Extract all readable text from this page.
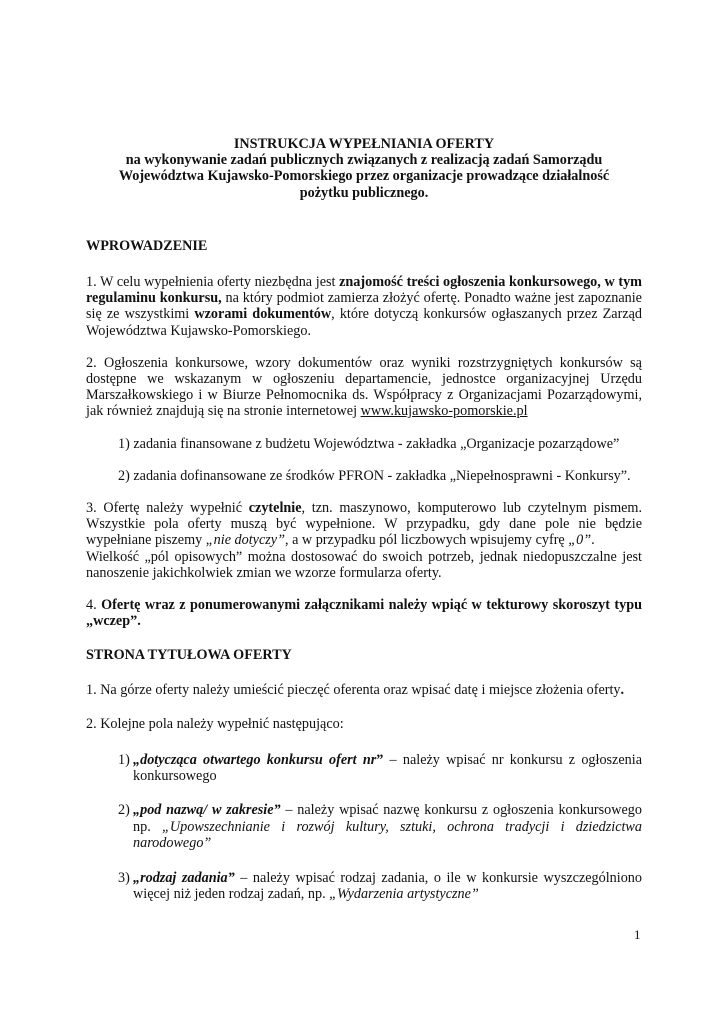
INSTRUKCJA WYPEŁNIANIA OFERTY
na wykonywanie zadań publicznych związanych z realizacją zadań Samorządu
Województwa Kujawsko-Pomorskiego przez organizacje prowadzące działalność
pożytku publicznego.
WPROWADZENIE

1. W celu wypełnienia oferty niezbędna jest znajomość treści ogłoszenia konkursowego, w tym regulaminu konkursu, na który podmiot zamierza złożyć ofertę. Ponadto ważne jest zapoznanie się ze wszystkimi wzorami dokumentów, które dotyczą konkursów ogłaszanych przez Zarząd Województwa Kujawsko-Pomorskiego.

2. Ogłoszenia konkursowe, wzory dokumentów oraz wyniki rozstrzygniętych konkursów są dostępne we wskazanym w ogłoszeniu departamencie, jednostce organizacyjnej Urzędu Marszałkowskiego i w Biurze Pełnomocnika ds. Współpracy z Organizacjami Pozarządowymi, jak również znajdują się na stronie internetowej www.kujawsko-pomorskie.pl

1) zadania finansowane z budżetu Województwa - zakładka „Organizacje pozarządowe”

2) zadania dofinansowane ze środków PFRON - zakładka „Niepełnosprawni - Konkursy”.

3. Ofertę należy wypełnić czytelnie, tzn. maszynowo, komputerowo lub czytelnym pismem. Wszystkie pola oferty muszą być wypełnione. W przypadku, gdy dane pole nie będzie wypełniane piszemy „nie dotyczy”, a w przypadku pól liczbowych wpisujemy cyfrę „0”.
Wielkość „pól opisowych” można dostosować do swoich potrzeb, jednak niedopuszczalne jest nanoszenie jakichkolwiek zmian we wzorze formularza oferty.

4. Ofertę wraz z ponumerowanymi załącznikami należy wpiąć w tekturowy skoroszyt typu „wczep”.

STRONA TYTUŁOWA OFERTY

1. Na górze oferty należy umieścić pieczęć oferenta oraz wpisać datę i miejsce złożenia oferty.

2. Kolejne pola należy wypełnić następująco:

1) „dotycząca otwartego konkursu ofert nr” – należy wpisać nr konkursu z ogłoszenia konkursowego
2) „pod nazwą/ w zakresie” – należy wpisać nazwę konkursu z ogłoszenia konkursowego np. „Upowszechnianie i rozwój kultury, sztuki, ochrona tradycji i dziedzictwa narodowego”
3) „rodzaj zadania” – należy wpisać rodzaj zadania, o ile w konkursie wyszczególniono więcej niż jeden rodzaj zadań, np. „Wydarzenia artystyczne”
1
